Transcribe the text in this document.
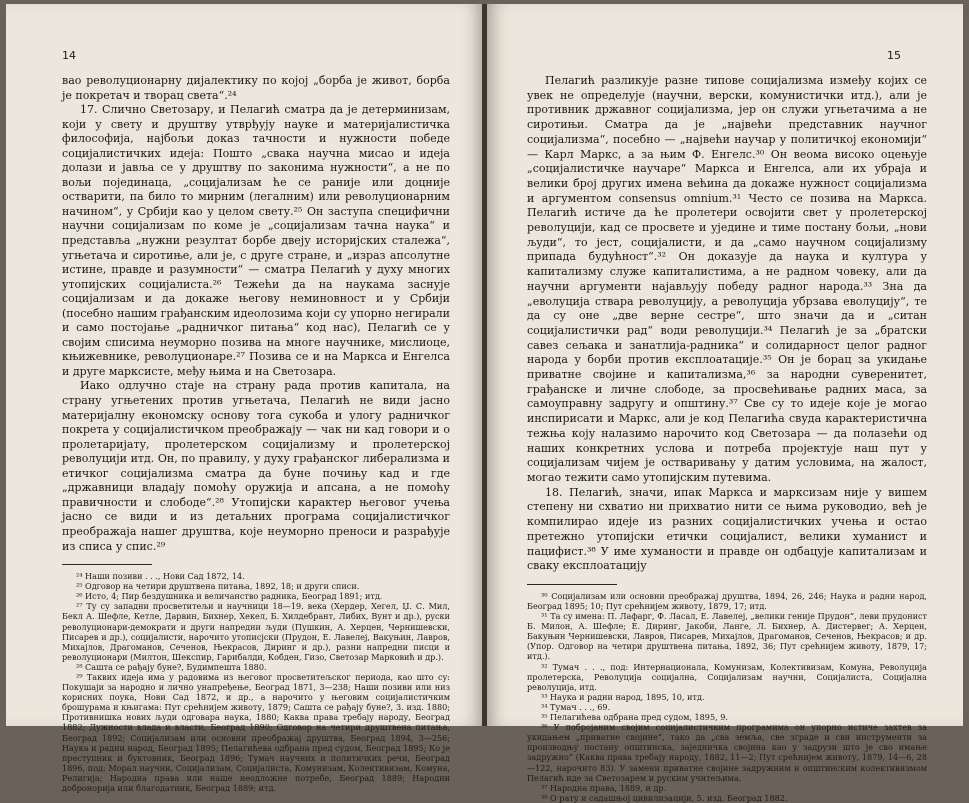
14

вао револуционарну дијалектику по којој „борба је живот, борба је покретач и творац света“.²⁴

17. Слично Светозару, и Пелагић сматра да је детерминизам, који у свету и друштву утврђују науке и материјалистичка философија, најбољи доказ тачности и нужности победе социјалистичких идеја: Пошто „свака научна мисао и идеја долази и јавља се у друштву по законима нужности“, а не по вољи појединаца, „социјализам ће се раније или доцније остварити, па било то мирним (легалним) или револуционарним начином“, у Србији као у целом свету.²⁵ Он заступа специфични научни социјализам по коме је „социјализам тачна наука“ и представља „нужни резултат борбе двеју историјских сталежа“, угњетача и сиротиње, али је, с друге стране, и „израз апсолутне истине, правде и разумности“ — сматра Пелагић у духу многих утопијских социјалиста.²⁶ Тежећи да на наукама заснује социјализам и да докаже његову неминовност и у Србији (посебно нашим грађанским идеолозима који су упорно негирали и само постојање „радничког питања“ код нас), Пелагић се у својим списима неуморно позива на многе научнике, мислиоце, књижевнике, револуционаре.²⁷ Позива се и на Маркса и Енгелса и друге марксисте, међу њима и на Светозара.

Иако одлучно стаје на страну рада против капитала, на страну угњетених против угњетача, Пелагић не види јасно материјалну економску основу тога сукоба и улогу радничког покрета у социјалистичком преображају — чак ни кад говори и о пролетаријату, пролетерском социјализму и пролетерској револуцији итд. Он, по правилу, у духу грађанског либерализма и етичког социјализма сматра да буне почињу кад и где „државници владају помоћу оружија и апсана, а не помоћу правичности и слободе“.²⁸ Утопијски карактер његовог учења јасно се види и из детаљних програма социјалистичког преображаја нашег друштва, које неуморно преноси и разрађује из списа у спис.²⁹

²⁴ Наши позиви . . ., Нови Сад 1872, 14.
²⁵ Одговор на четири друштвена питања, 1892, 18; и други списи.
²⁶ Исто, 4; Пир бездушника и величанство радника, Београд 1891; итд.
²⁷ Ту су западни просветитељи и научници 18—19. века (Хердер, Хегел, Џ. С. Мил, Бекл А. Шефле, Кетле, Дарвин, Бихнер, Хекел, Б. Хилдебрант, Либих, Вунт и др.), руски револуционари-демократи и други напредни људи (Пушкин, А. Херцен, Чернишевски, Писарев и др.), социјалисти, нарочито утописјски (Прудон, Е. Лавелеј, Вакуњин, Лавров, Михајлов, Драгоманов, Сеченов, Њекрасов, Диринг и др.), разни напредни писци и револуционари (Милтон, Шекспир, Гарибалди, Кобден, Гизо, Светозар Марковић и др.).
²⁸ Сашта се рађају буне?, Будимпешта 1880.
²⁹ Таквих идеја има у радовима из његовог просветитељског периода, као што су: Покушаји за народно и лично унапређење, Београд 1871, 3—238; Наши позиви или низ корисних поука, Нови Сад 1872, и др., а нарочито у његовим социјалистичким брошурама и књигама: Пут срећнијем животу, 1879; Сашта се рађају буне?, 3. изд. 1880; Противнишка нових људи одговара наука, 1880; Каква права требају народу, Београд 1882; Дужности влада и власти, Београд 1890; Одговор на четири друштвена питања, Београд 1892; Социјализам или основни преображај друштва, Београд 1894, 3—256; Наука и радни народ, Београд 1895; Пелагићева одбрана пред судом, Београд 1895; Ко је преступник и буктовник, Београд 1896; Тумач научних и политичких речи, Београд 1896, под: Морал научни, Социјализам, Социјалиста, Комунизам, Колективизам, Комуна, Религија; Народна права или наше неодложне потребе, Београд 1889; Народни добронорија или благодатник, Београд 1889; итд.
15

Пелагић разликује разне типове социјализма између којих се увек не определује (научни, верски, комунистички итд.), али је противник државног социјализма, јер он служи угњетачима а не сиротињи. Сматра да је „највећи представник научног социјализма“, посебно — „највећи научар у политичкој економији“ — Карл Маркс, а за њим Ф. Енгелс.³⁰ Он веома високо оцењује „социјалистичке научаре“ Маркса и Енгелса, али их убраја и велики број других имена већина да докаже нужност социјализма и аргументом consensus omnium.³¹ Често се позива на Маркса. Пелагић истиче да ће пролетери освојити свет у пролетерској револуцији, кад се просвете и уједине и тиме постану бољи, „нови људи“, то јест, социјалисти, и да „само научном социјализму припада будућност“.³² Он доказује да наука и култура у капитализму служе капиталистима, а не радном човеку, али да научни аргументи најављују победу радног народа.³³ Зна да „еволуција ствара револуцију, а револуција убрзава еволуцију“, те да су оне „две верне сестре“, што значи да и „ситан социјалистички рад“ води револуцији.³⁴ Пелагић је за „братски савез сељака и занатлија-радника“ и солидарност целог радног народа у борби против експлоатације.³⁵ Он је борац за укидање приватне својине и капитализма,³⁶ за народни суверенитет, грађанске и личне слободе, за просвећивање радних маса, за самоуправну задругу и општину.³⁷ Све су то идеје које је могао инспирисати и Маркс, али је код Пелагића свуда карактеристична тежња коју налазимо нарочито код Светозара — да полазећи од наших конкретних услова и потреба пројектује наш пут у социјализам чијем је остваривању у датим условима, на жалост, могао тежити само утопијским путевима.

18. Пелагић, значи, ипак Маркса и марксизам није у вишем степену ни схватио ни прихватио нити се њима руководио, већ је компилирао идеје из разних социјалистичких учења и остао претежно утопијски етички социјалист, велики хуманист и пацифист.³⁸ У име хуманости и правде он одбацује капитализам и сваку експлоатацију

³⁰ Социјализам или основни преображај друштва, 1894, 26, 246; Наука и радни народ, Београд 1895; 10; Пут срећнијем животу, 1879, 17; итд.
³¹ Та су имена: П. Лафарг, Ф. Ласал, Е. Лавелеј, „велики геније Прудон“, леви прудонист Б. Милон, А. Шефле; Е. Диринг, Јакоби, Ланге, Л. Бихнер, А. Дистервег; А. Херцен, Бакуњин Чернишевски, Лавров, Писарев, Михајлов, Драгоманов, Сеченов, Њекрасов; и др. (Упор. Одговор на четири друштвена питања, 1892, 36; Пут срећнијем животу, 1879, 17; итд.).
³² Тумач . . ., под: Интернационала, Комунизам, Колективизам, Комуна, Револуција пролетерска, Револуција социјална, Социјализам научни, Социјалиста, Социјална револуција, итд.
³³ Наука и радни народ, 1895, 10, итд.
³⁴ Тумач . . ., 69.
³⁵ Пелагићева одбрана пред судом, 1895, 9.
³⁶ У побројаним својим социјалистичким програмима он упорно истиче захтев за укидањем „приватне својине“, тако да „сва земља, све зграде и сви инструменти за производњу постану општинска, заједничка својина као у задрузи што је сво имање задружно“ (Каква права требају народу, 1882, 11—2; Пут срећнијем животу, 1879, 14—6, 28—122, нарочито 83). У замени приватне својине задружним и општинским колективизмом Пелагић иде за Светозарем и руским учитељима.
³⁷ Народна права, 1889, и др.
³⁸ О рату и садашњој цивилизацији, 5. изд. Београд 1882.
